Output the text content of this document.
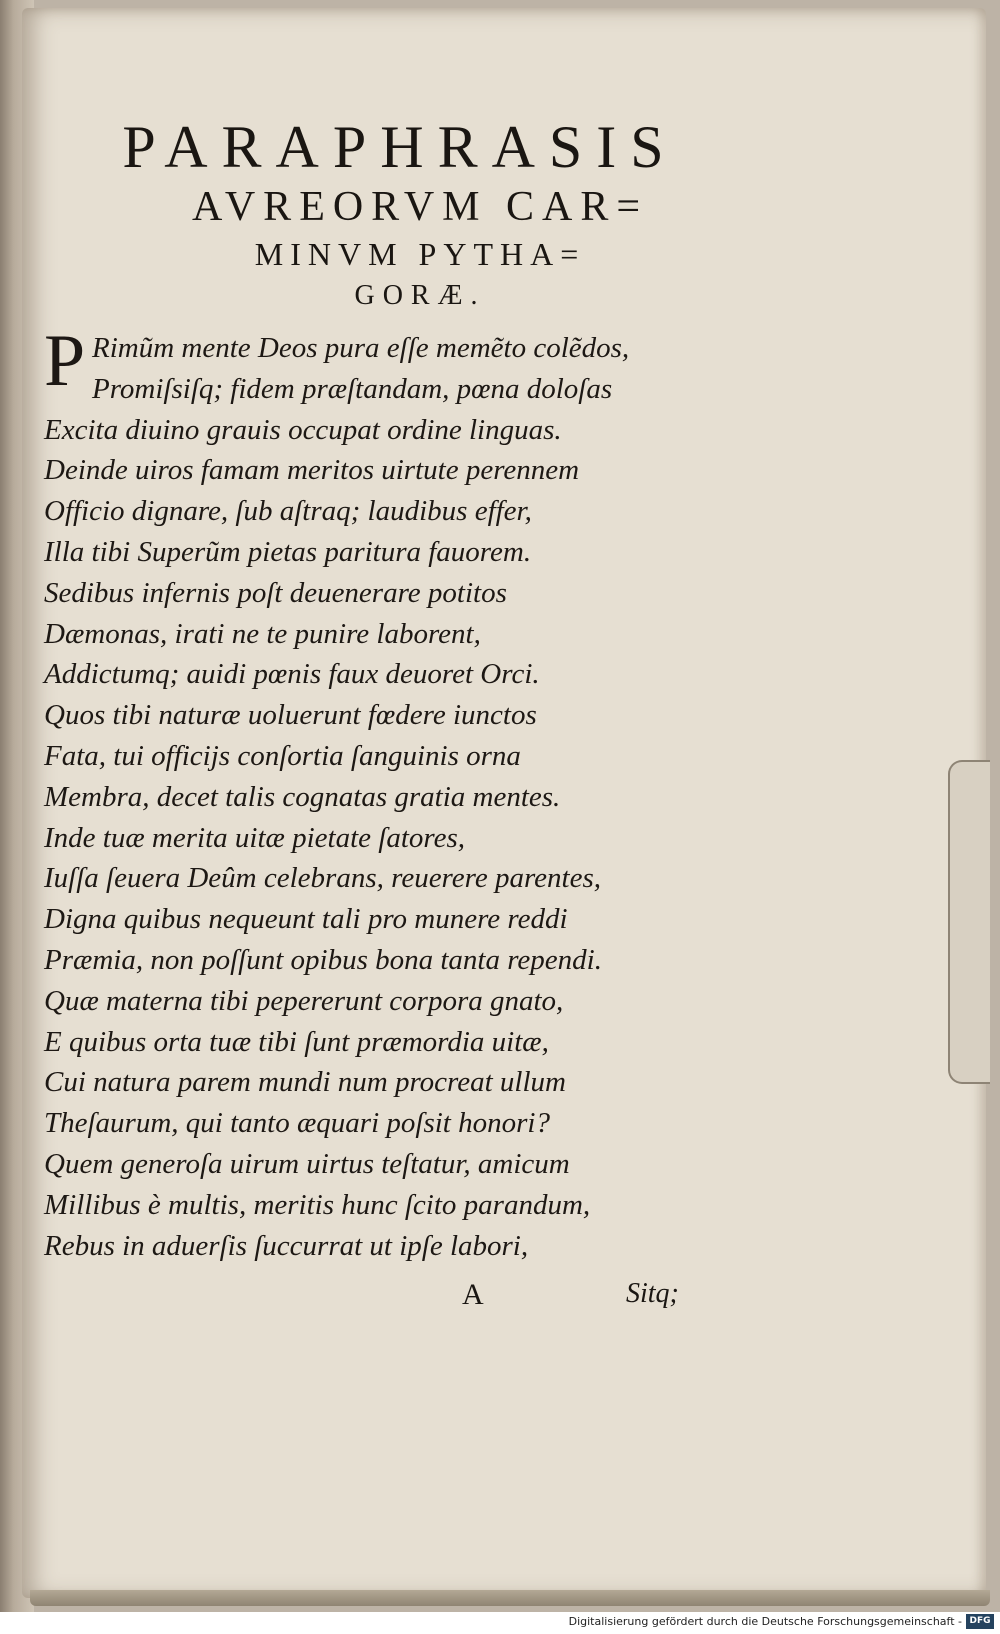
PARAPHRASIS
AVREORVM CAR=
MINVM PYTHA=
GORÆ.
P Rimũm mente Deos pura eſſe memẽto colẽdos,
Promiſsiſq; fidem præſtandam, pœna doloſas
Excita diuino grauis occupat ordine linguas.
Deinde uiros famam meritos uirtute perennem
Officio dignare, ſub aſtraq; laudibus effer,
Illa tibi Superũm pietas paritura fauorem.
Sedibus infernis poſt deuenerare potitos
Dæmonas, irati ne te punire laborent,
Addictumq; auidi pœnis faux deuoret Orci.
Quos tibi naturæ uoluerunt fœdere iunctos
Fata, tui officijs conſortia ſanguinis orna
Membra, decet talis cognatas gratia mentes.
Inde tuæ merita uitæ pietate ſatores,
Iuſſa ſeuera Deûm celebrans, reuerere parentes,
Digna quibus nequeunt tali pro munere reddi
Præmia, non poſſunt opibus bona tanta rependi.
Quæ materna tibi pepererunt corpora gnato,
E quibus orta tuæ tibi ſunt præmordia uitæ,
Cui natura parem mundi num procreat ullum
Theſaurum, qui tanto æquari poſsit honori?
Quem generoſa uirum uirtus teſtatur, amicum
Millibus è multis, meritis hunc ſcito parandum,
Rebus in aduerſis ſuccurrat ut ipſe labori,
A	Sitq;
Digitalisierung gefördert durch die Deutsche Forschungsgemeinschaft - DFG
